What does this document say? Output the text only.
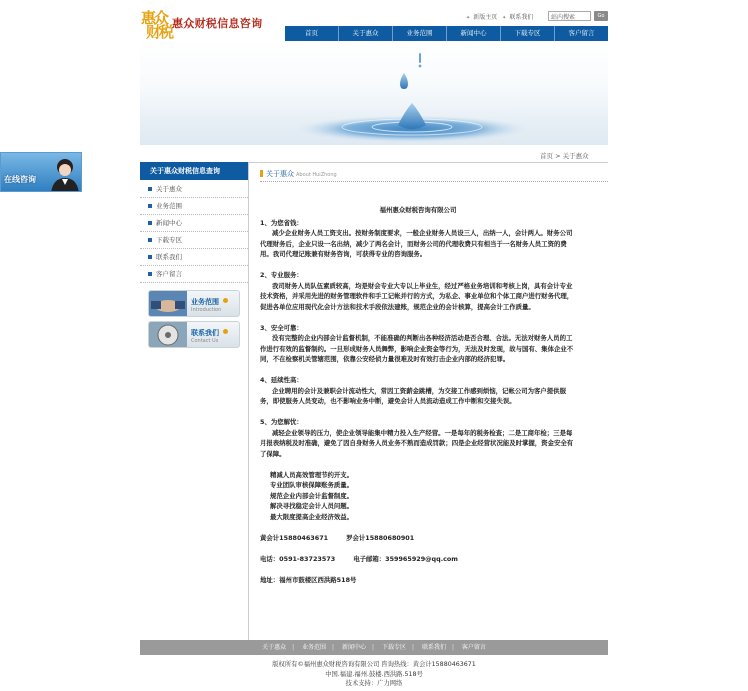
惠众
财税 惠众财税信息咨询	✦ 新版主页 ✦ 联系我们
站内搜索	Go
首页	关于惠众	业务范围	新闻中心	下载专区	客户留言
在线咨询
关于惠众财税信息查询
关于惠众
业务范围
新闻中心
下载专区
联系我们
客户留言
业务范围
Introduction
联系我们
Contact Us
首页 > 关于惠众
关于惠众 About HuiZhong
福州惠众财税咨询有限公司
1、为您省钱：
减少企业财务人员工资支出。按财务制度要求，一般企业财务人员设三人，出纳一人，会计两人。财务公司代理财务后，企业只设一名出纳，减少了两名会计，而财务公司的代理收费只有相当于一名财务人员工资的费用。我司代理记账兼有财务咨询，可获得专业的咨询服务。
2、专业服务：
我司财务人员队伍素质较高，均是财会专业大专以上毕业生，经过严格业务培训和考核上岗，具有会计专业技术资格，并采用先进的财务管理软件和手工记帐并行的方式，为私企、事业单位和个体工商户进行财务代理，促进各单位应用现代化会计方法和技术手段依法建账，规范企业的会计核算，提高会计工作质量。
3、安全可靠：
没有完整的企业内部会计监督机制，不能准确的判断出各种经济活动是否合理、合法。无法对财务人员的工作进行有效的监督制约。一旦形成财务人员舞弊，影响企业资金等行为，无法及时发现，故与国有、集体企业不同，不在检察机关管辖范围，依靠公安经侦力量很难及时有效打击企业内部的经济犯罪。
4、延续性高：
企业聘用的会计及兼职会计流动性大，常因工资薪金跳槽，为交接工作感到烦恼，记帐公司为客户提供服务，即使服务人员变动，也不影响业务中断，避免会计人员流动造成工作中断和交接失误。
5、为您解忧：
减轻企业领导的压力，使企业领导能集中精力投入生产经营。一是每年的税务检查；二是工商年检；三是每月报表纳税及时准确，避免了因自身财务人员业务不熟而造成罚款；四是企业经营状况能及时掌握，资金安全有了保障。
精减人员高效管理节约开支。
专业团队审核保障账务质量。
规范企业内部会计监督制度。
解决寻找稳定会计人员问题。
最大限度提高企业经济效益。
黄会计15880463671	罗会计15880680901
电话：0591-83723573	电子邮箱：359965929@qq.com
地址：福州市鼓楼区西洪路518号
关于惠众 | 业务范围 | 新闻中心 | 下载专区 | 联系我们 | 客户留言
版权所有©福州惠众财税咨询有限公司 咨询热线：黄会计15880463671
中国.福建.福州.鼓楼.西洪路.518号
技术支持：广力网络
